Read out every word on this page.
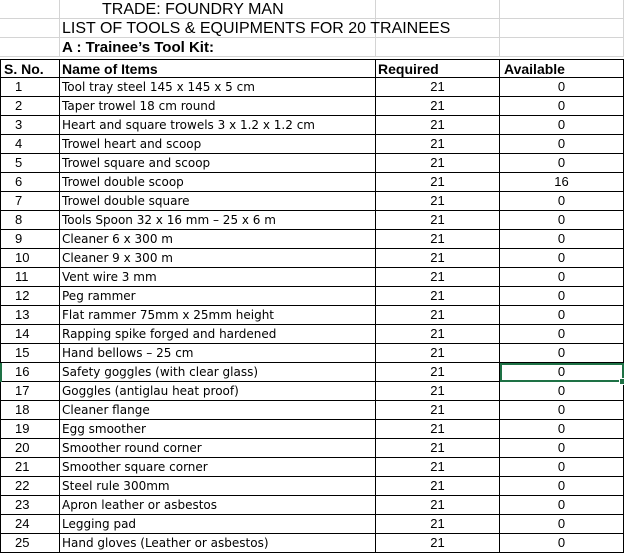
TRADE: FOUNDRY MAN
LIST OF TOOLS & EQUIPMENTS FOR 20 TRAINEES
A : Trainee’s Tool Kit:
S. No.	Name of Items	Required	Available
1	Tool tray steel 145 x 145 x 5 cm	21	0
2	Taper trowel 18 cm round	21	0
3	Heart and square trowels 3 x 1.2 x 1.2 cm	21	0
4	Trowel heart and scoop	21	0
5	Trowel square and scoop	21	0
6	Trowel double scoop	21	16
7	Trowel double square	21	0
8	Tools Spoon 32 x 16 mm – 25 x 6 m	21	0
9	Cleaner 6 x 300 m	21	0
10	Cleaner 9 x 300 m	21	0
11	Vent wire 3 mm	21	0
12	Peg rammer	21	0
13	Flat rammer 75mm x 25mm height	21	0
14	Rapping spike forged and hardened	21	0
15	Hand bellows – 25 cm	21	0
16	Safety goggles (with clear glass)	21	0
17	Goggles (antiglau heat proof)	21	0
18	Cleaner flange	21	0
19	Egg smoother	21	0
20	Smoother round corner	21	0
21	Smoother square corner	21	0
22	Steel rule 300mm	21	0
23	Apron leather or asbestos	21	0
24	Legging pad	21	0
25	Hand gloves (Leather or asbestos)	21	0
